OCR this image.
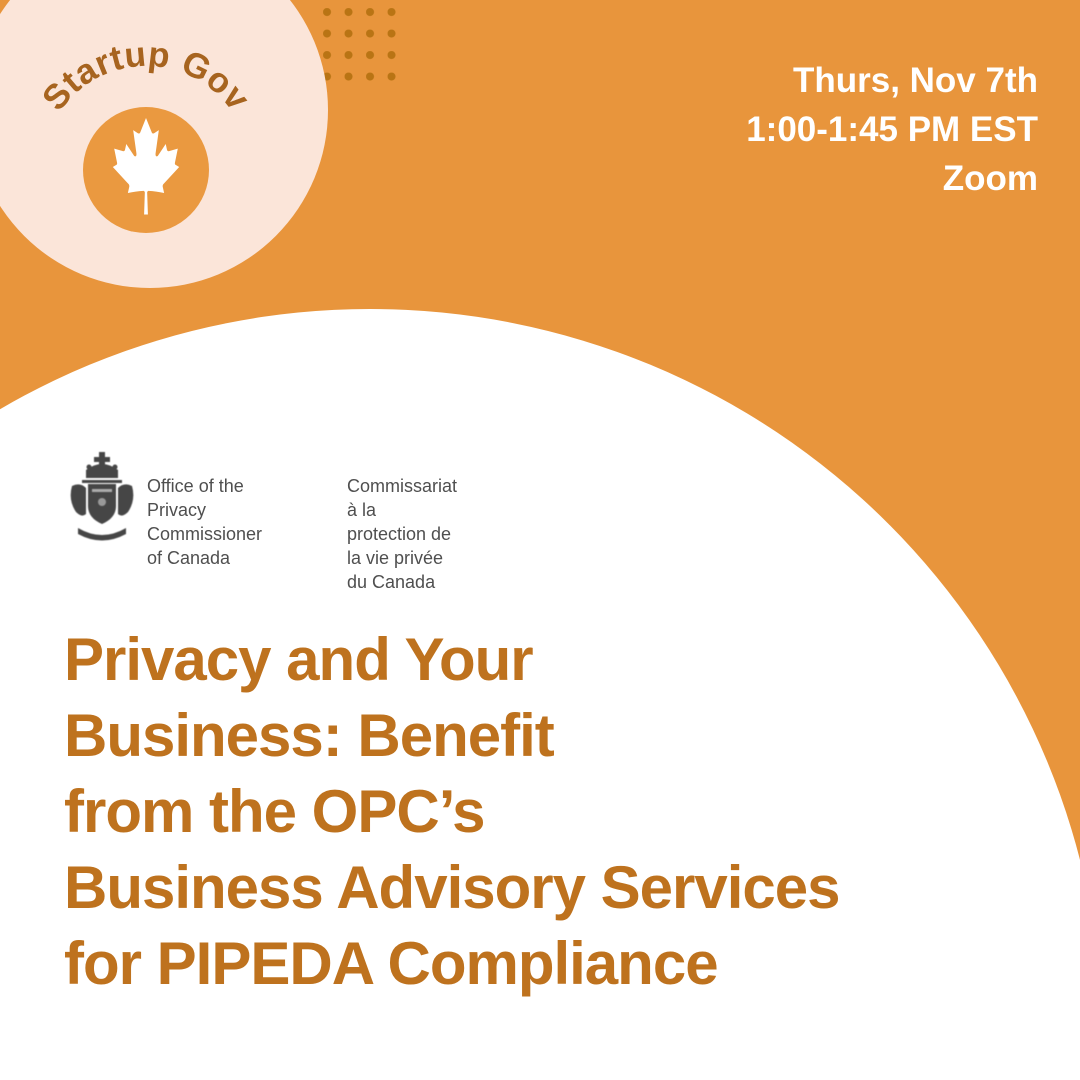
Startup Gov	Thurs, Nov 7th
1:00-1:45 PM EST
Zoom
Office of the
Privacy Commissioner
of Canada
Commissariat
à la protection de
la vie privée du Canada
Privacy and Your
Business: Benefit
from the OPC’s
Business Advisory Services
for PIPEDA Compliance
